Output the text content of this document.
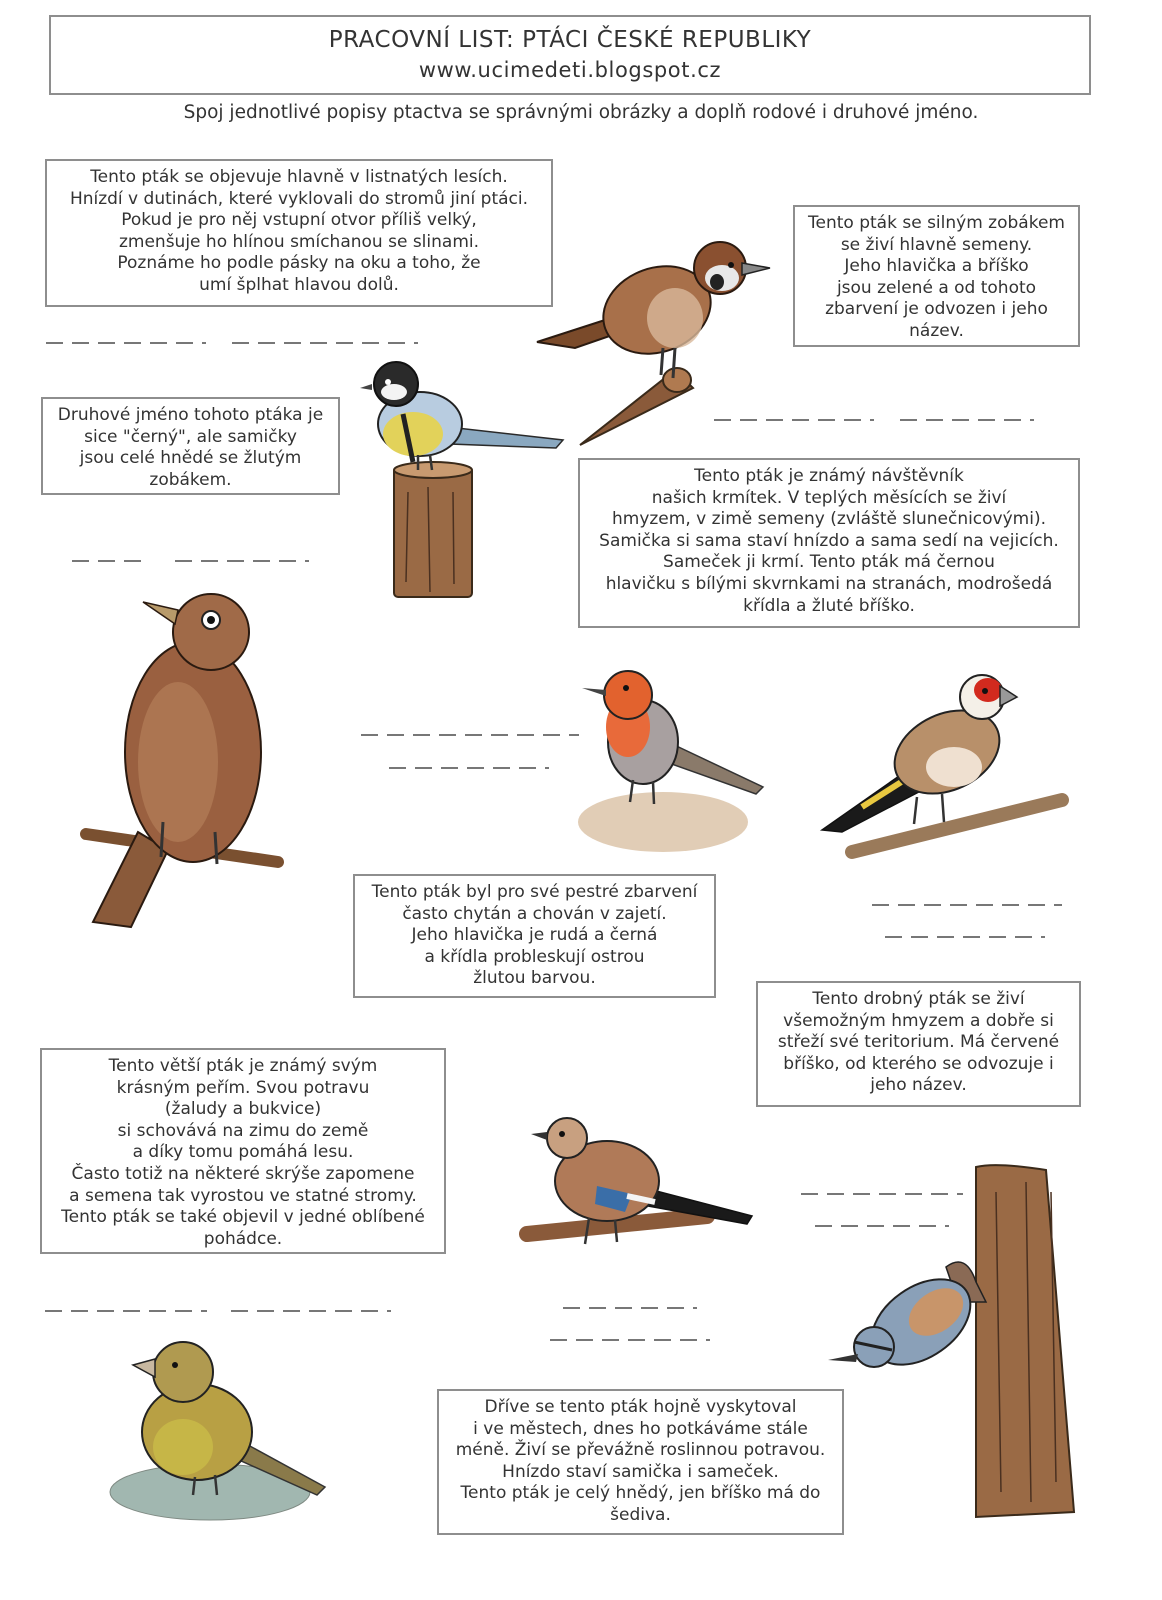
PRACOVNÍ LIST: PTÁCI ČESKÉ REPUBLIKY
www.ucimedeti.blogspot.cz
Spoj jednotlivé popisy ptactva se správnými obrázky a doplň rodové i druhové jméno.
Tento pták se objevuje hlavně v listnatých lesích.
Hnízdí v dutinách, které vyklovali do stromů jiní ptáci.
Pokud je pro něj vstupní otvor příliš velký,
zmenšuje ho hlínou smíchanou se slinami.
Poznáme ho podle pásky na oku a toho, že
umí šplhat hlavou dolů.
Tento pták se silným zobákem
se živí hlavně semeny.
Jeho hlavička a bříško
jsou zelené a od tohoto
zbarvení je odvozen i jeho
název.
Druhové jméno tohoto ptáka je
sice "černý", ale samičky
jsou celé hnědé se žlutým
zobákem.	Tento pták je známý návštěvník
našich krmítek. V teplých měsících se živí
hmyzem, v zimě semeny (zvláště slunečnicovými).
Samička si sama staví hnízdo a sama sedí na vejicích.
Sameček ji krmí. Tento pták má černou
hlavičku s bílými skvrnkami na stranách, modrošedá
křídla a žluté bříško.
Tento pták byl pro své pestré zbarvení
často chytán a chován v zajetí.
Jeho hlavička je rudá a černá
a křídla probleskují ostrou
žlutou barvou.
Tento drobný pták se živí
všemožným hmyzem a dobře si
střeží své teritorium. Má červené
bříško, od kterého se odvozuje i
jeho název.
Tento větší pták je známý svým
krásným peřím. Svou potravu
(žaludy a bukvice)
si schovává na zimu do země
a díky tomu pomáhá lesu.
Často totiž na některé skrýše zapomene
a semena tak vyrostou ve statné stromy.
Tento pták se také objevil v jedné oblíbené
pohádce.
Dříve se tento pták hojně vyskytoval
i ve městech, dnes ho potkáváme stále
méně. Živí se převážně roslinnou potravou.
Hnízdo staví samička i sameček.
Tento pták je celý hnědý, jen bříško má do
šediva.
